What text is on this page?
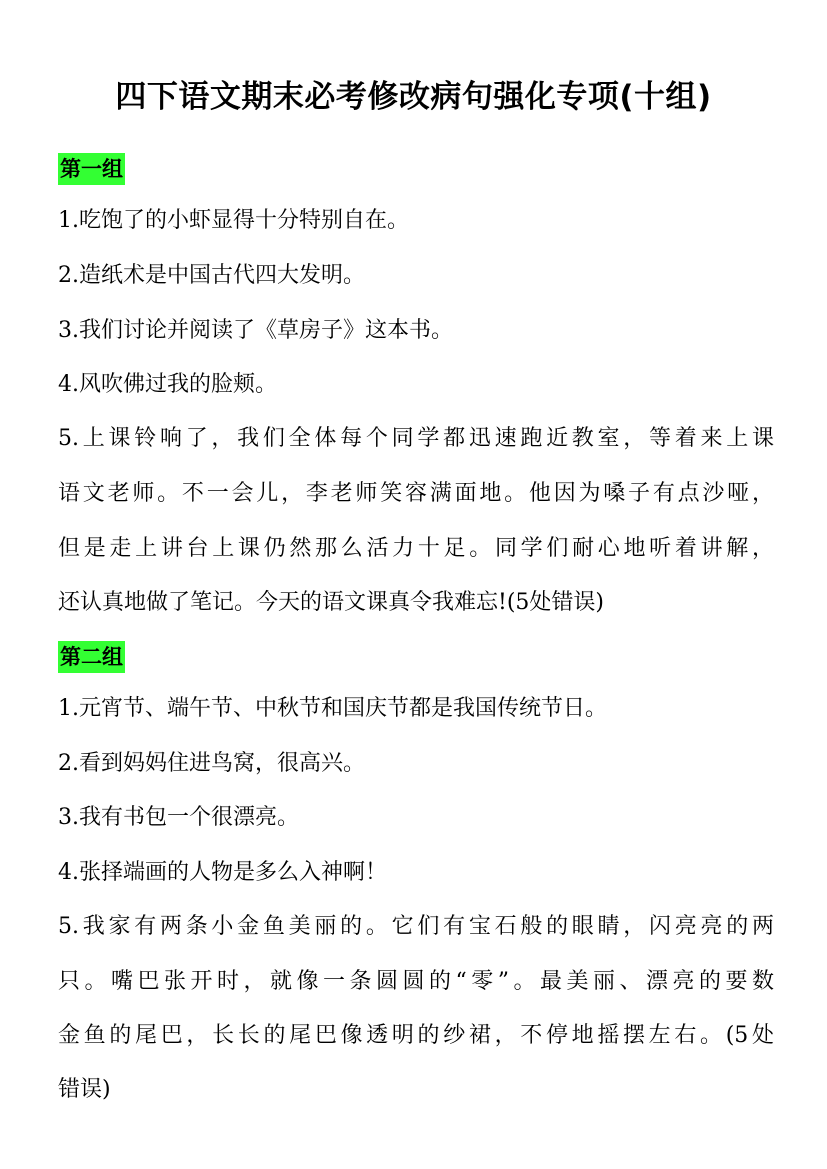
四下语文期末必考修改病句强化专项(十组)
第一组
1.吃饱了的小虾显得十分特别自在。
2.造纸术是中国古代四大发明。
3.我们讨论并阅读了《草房子》这本书。
4.风吹佛过我的脸颊。
5.上课铃响了，我们全体每个同学都迅速跑近教室，等着来上课
语文老师。不一会儿，李老师笑容满面地。他因为嗓子有点沙哑，
但是走上讲台上课仍然那么活力十足。同学们耐心地听着讲解，
还认真地做了笔记。今天的语文课真令我难忘!(5处错误)
第二组
1.元宵节、端午节、中秋节和国庆节都是我国传统节日。
2.看到妈妈住进鸟窝，很高兴。
3.我有书包一个很漂亮。
4.张择端画的人物是多么入神啊！
5.我家有两条小金鱼美丽的。它们有宝石般的眼睛，闪亮亮的两
只。嘴巴张开时，就像一条圆圆的“零”。最美丽、漂亮的要数
金鱼的尾巴，长长的尾巴像透明的纱裙，不停地摇摆左右。(5处
错误)
